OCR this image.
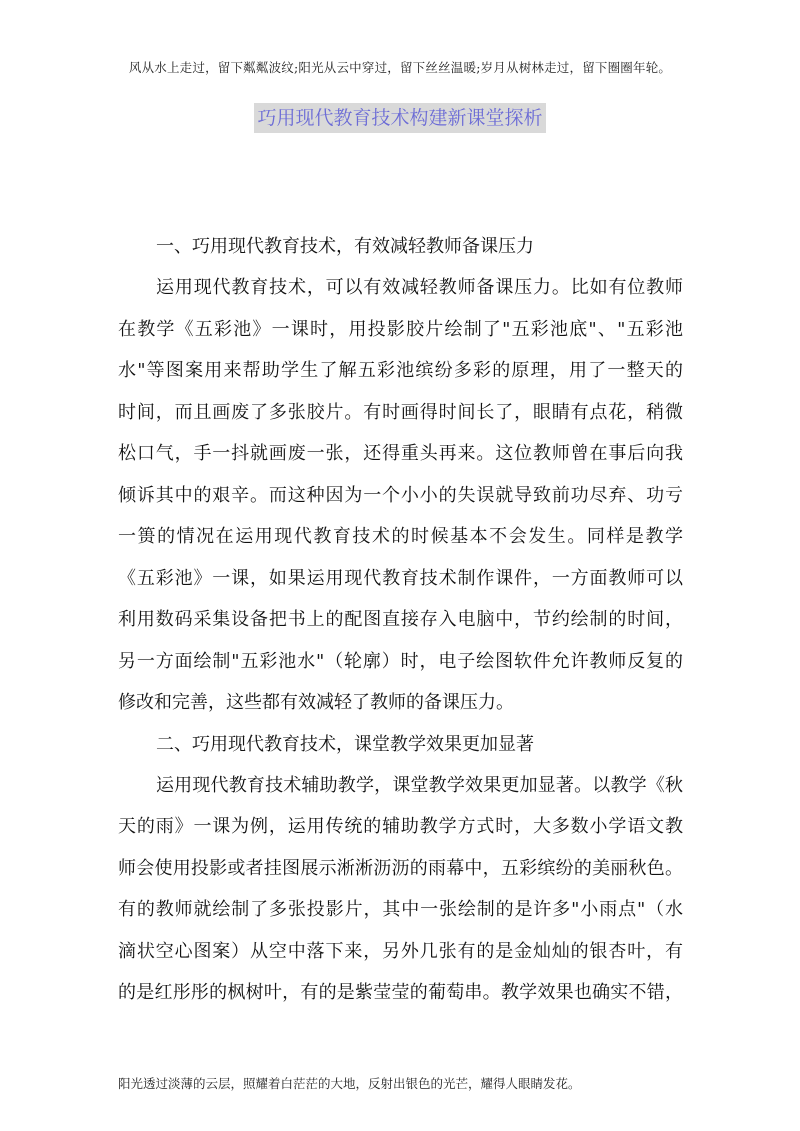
风从水上走过，留下粼粼波纹;阳光从云中穿过，留下丝丝温暖;岁月从树林走过，留下圈圈年轮。
巧用现代教育技术构建新课堂探析
一、巧用现代教育技术，有效减轻教师备课压力
运用现代教育技术，可以有效减轻教师备课压力。比如有位教师
在教学《五彩池》一课时，用投影胶片绘制了"五彩池底"、"五彩池
水"等图案用来帮助学生了解五彩池缤纷多彩的原理，用了一整天的
时间，而且画废了多张胶片。有时画得时间长了，眼睛有点花，稍微
松口气，手一抖就画废一张，还得重头再来。这位教师曾在事后向我
倾诉其中的艰辛。而这种因为一个小小的失误就导致前功尽弃、功亏
一篑的情况在运用现代教育技术的时候基本不会发生。同样是教学
《五彩池》一课，如果运用现代教育技术制作课件，一方面教师可以
利用数码采集设备把书上的配图直接存入电脑中，节约绘制的时间，
另一方面绘制"五彩池水"（轮廓）时，电子绘图软件允许教师反复的
修改和完善，这些都有效减轻了教师的备课压力。
二、巧用现代教育技术，课堂教学效果更加显著
运用现代教育技术辅助教学，课堂教学效果更加显著。以教学《秋
天的雨》一课为例，运用传统的辅助教学方式时，大多数小学语文教
师会使用投影或者挂图展示淅淅沥沥的雨幕中，五彩缤纷的美丽秋色。
有的教师就绘制了多张投影片，其中一张绘制的是许多"小雨点"（水
滴状空心图案）从空中落下来，另外几张有的是金灿灿的银杏叶，有
的是红彤彤的枫树叶，有的是紫莹莹的葡萄串。教学效果也确实不错，
阳光透过淡薄的云层，照耀着白茫茫的大地，反射出银色的光芒，耀得人眼睛发花。
